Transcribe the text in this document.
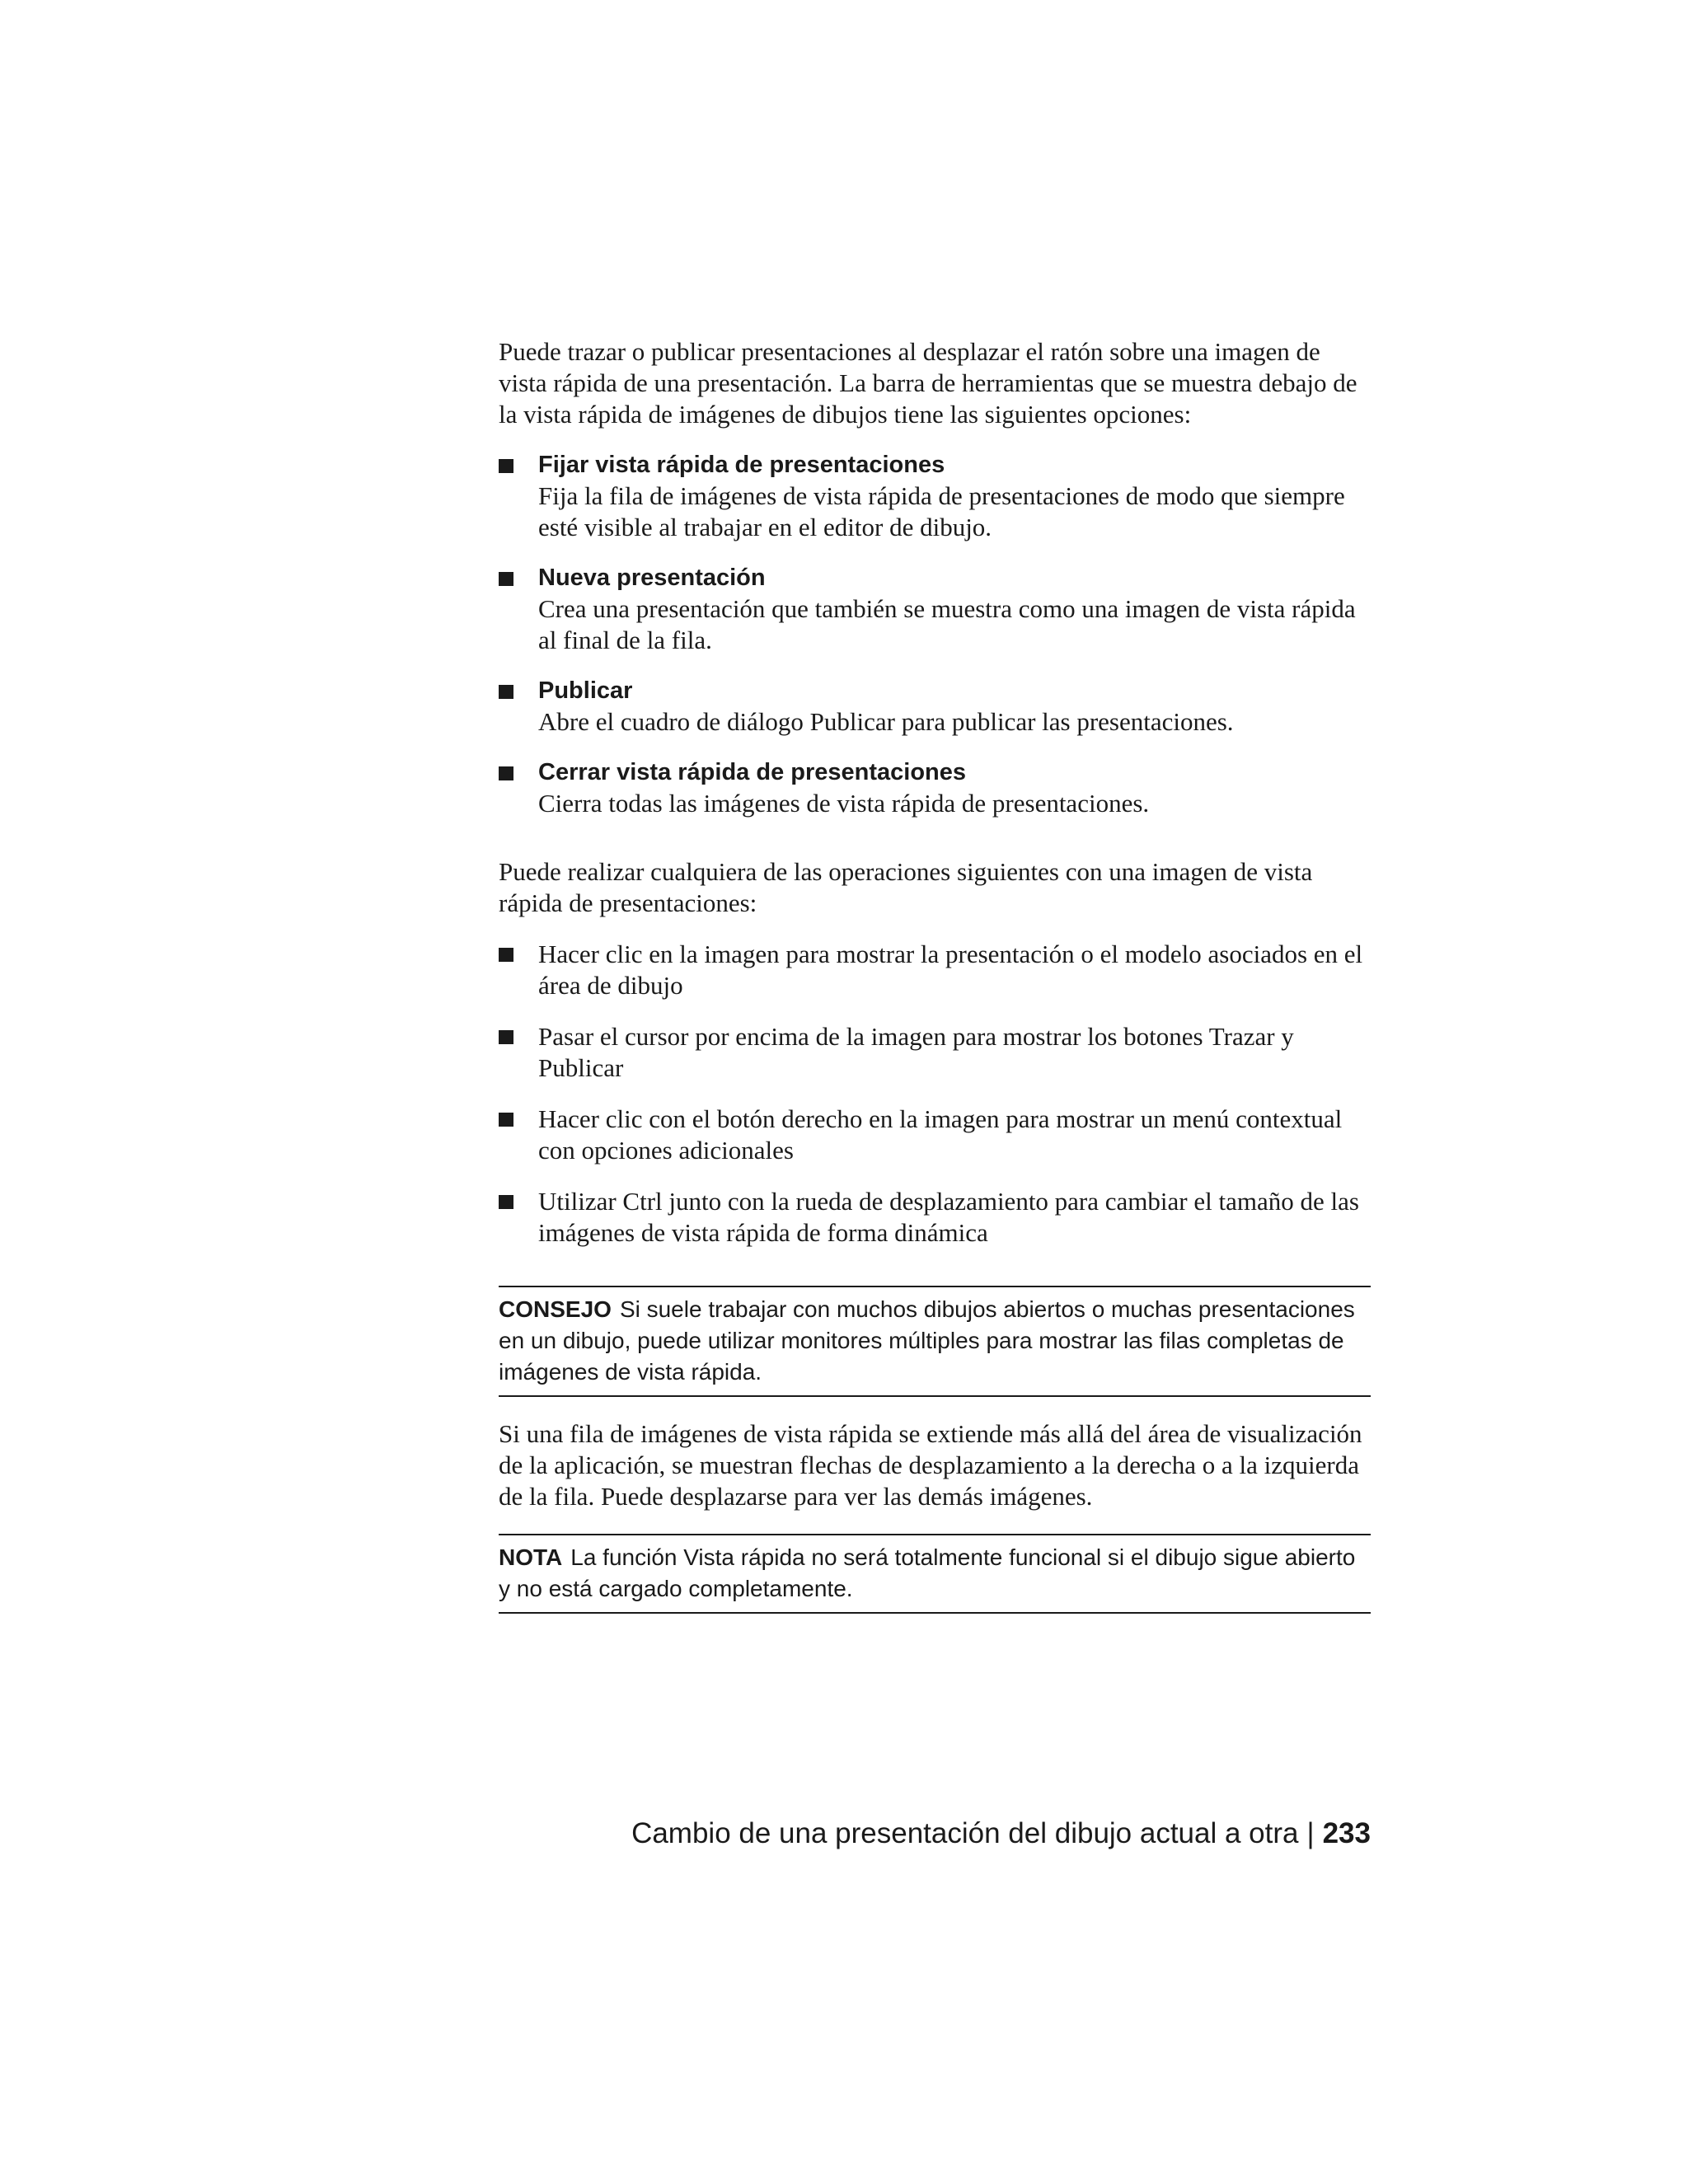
Puede trazar o publicar presentaciones al desplazar el ratón sobre una imagen de vista rápida de una presentación. La barra de herramientas que se muestra debajo de la vista rápida de imágenes de dibujos tiene las siguientes opciones:

Fijar vista rápida de presentaciones
Fija la fila de imágenes de vista rápida de presentaciones de modo que siempre esté visible al trabajar en el editor de dibujo.
Nueva presentación
Crea una presentación que también se muestra como una imagen de vista rápida al final de la fila.
Publicar
Abre el cuadro de diálogo Publicar para publicar las presentaciones.
Cerrar vista rápida de presentaciones
Cierra todas las imágenes de vista rápida de presentaciones.

Puede realizar cualquiera de las operaciones siguientes con una imagen de vista rápida de presentaciones:

Hacer clic en la imagen para mostrar la presentación o el modelo asociados en el área de dibujo
Pasar el cursor por encima de la imagen para mostrar los botones Trazar y Publicar
Hacer clic con el botón derecho en la imagen para mostrar un menú contextual con opciones adicionales
Utilizar Ctrl junto con la rueda de desplazamiento para cambiar el tamaño de las imágenes de vista rápida de forma dinámica
CONSEJO Si suele trabajar con muchos dibujos abiertos o muchas presentaciones en un dibujo, puede utilizar monitores múltiples para mostrar las filas completas de imágenes de vista rápida.

Si una fila de imágenes de vista rápida se extiende más allá del área de visualización de la aplicación, se muestran flechas de desplazamiento a la derecha o a la izquierda de la fila. Puede desplazarse para ver las demás imágenes.

NOTA La función Vista rápida no será totalmente funcional si el dibujo sigue abierto y no está cargado completamente.
Cambio de una presentación del dibujo actual a otra | 233
